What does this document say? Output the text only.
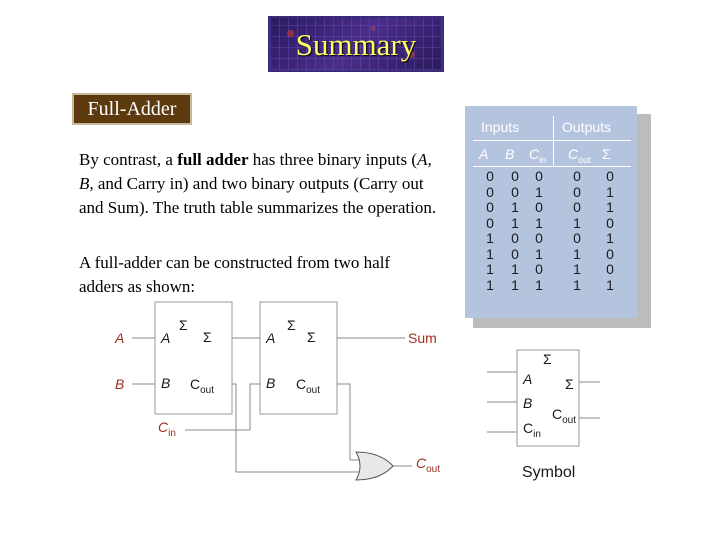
Summary
Full-Adder
By contrast, a full adder has three binary inputs (A, B, and Carry in) and two binary outputs (Carry out and Sum). The truth table summarizes the operation.
A full-adder can be constructed from two half adders as shown:
Inputs	Outputs
A B $C_{in}$ $C_{out}$ Σ
0 0 0 0 0
0 0 1 0 1
0 1 0 0 1
0 1 1 1 0
1 0 0 0 1
1 0 1 1 0
1 1 0 1 0
1 1 1 1 1
A
B
$C_{in}$
Sum
$C_{out}$
A
B
Σ
Σ
$C_{out}$
A
B
Σ
Σ
$C_{out}$
Σ
A Σ
B
$C_{out}$
$C_{in}$
Symbol
